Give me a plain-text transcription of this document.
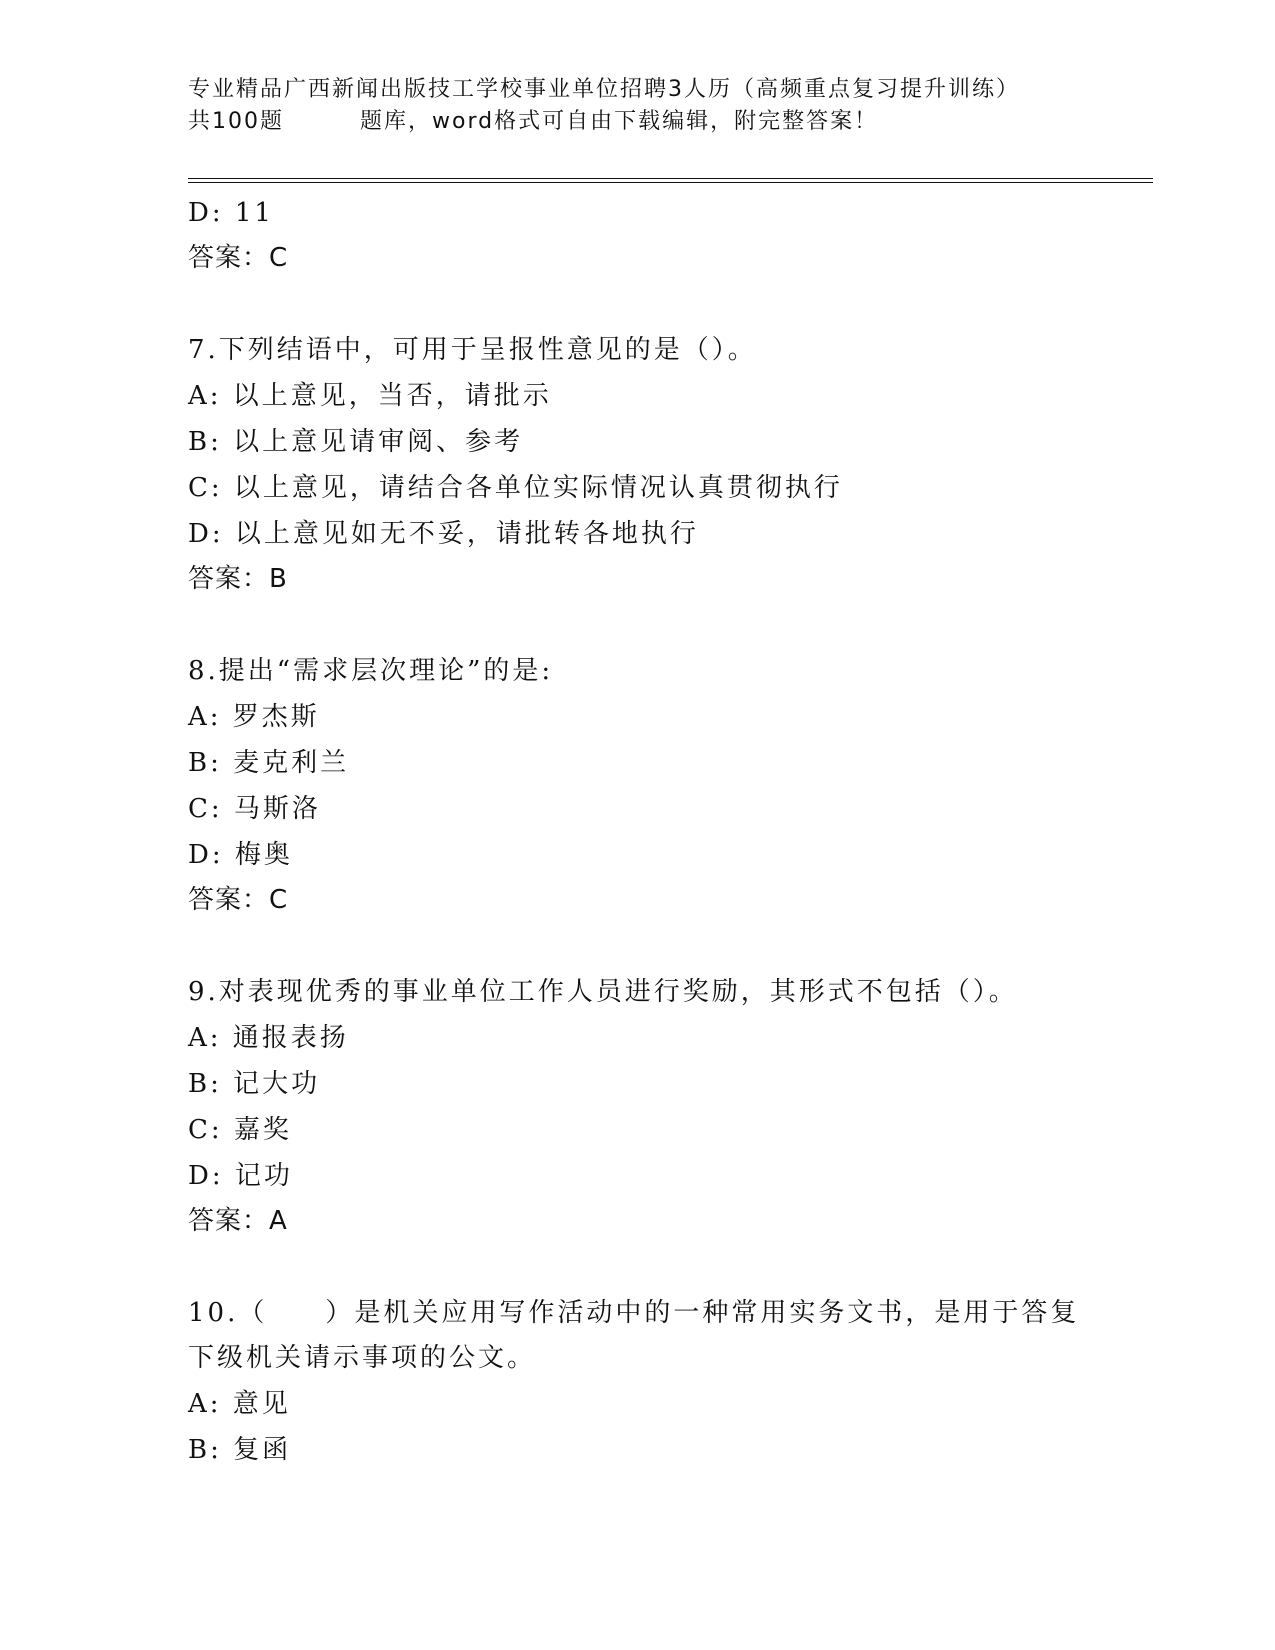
专业精品广西新闻出版技工学校事业单位招聘3人历（高频重点复习提升训练）
共100题	题库，word格式可自由下载编辑，附完整答案！
D: 11
答案：C
7.下列结语中，可用于呈报性意见的是（）。
A: 以上意见，当否，请批示
B: 以上意见请审阅、参考
C: 以上意见，请结合各单位实际情况认真贯彻执行
D: 以上意见如无不妥，请批转各地执行
答案：B
8.提出“需求层次理论”的是:
A: 罗杰斯
B: 麦克利兰
C: 马斯洛
D: 梅奥
答案：C
9.对表现优秀的事业单位工作人员进行奖励，其形式不包括（）。
A: 通报表扬
B: 记大功
C: 嘉奖
D: 记功
答案：A
10.（　　）是机关应用写作活动中的一种常用实务文书，是用于答复下级机关请示事项的公文。
A: 意见
B: 复函
